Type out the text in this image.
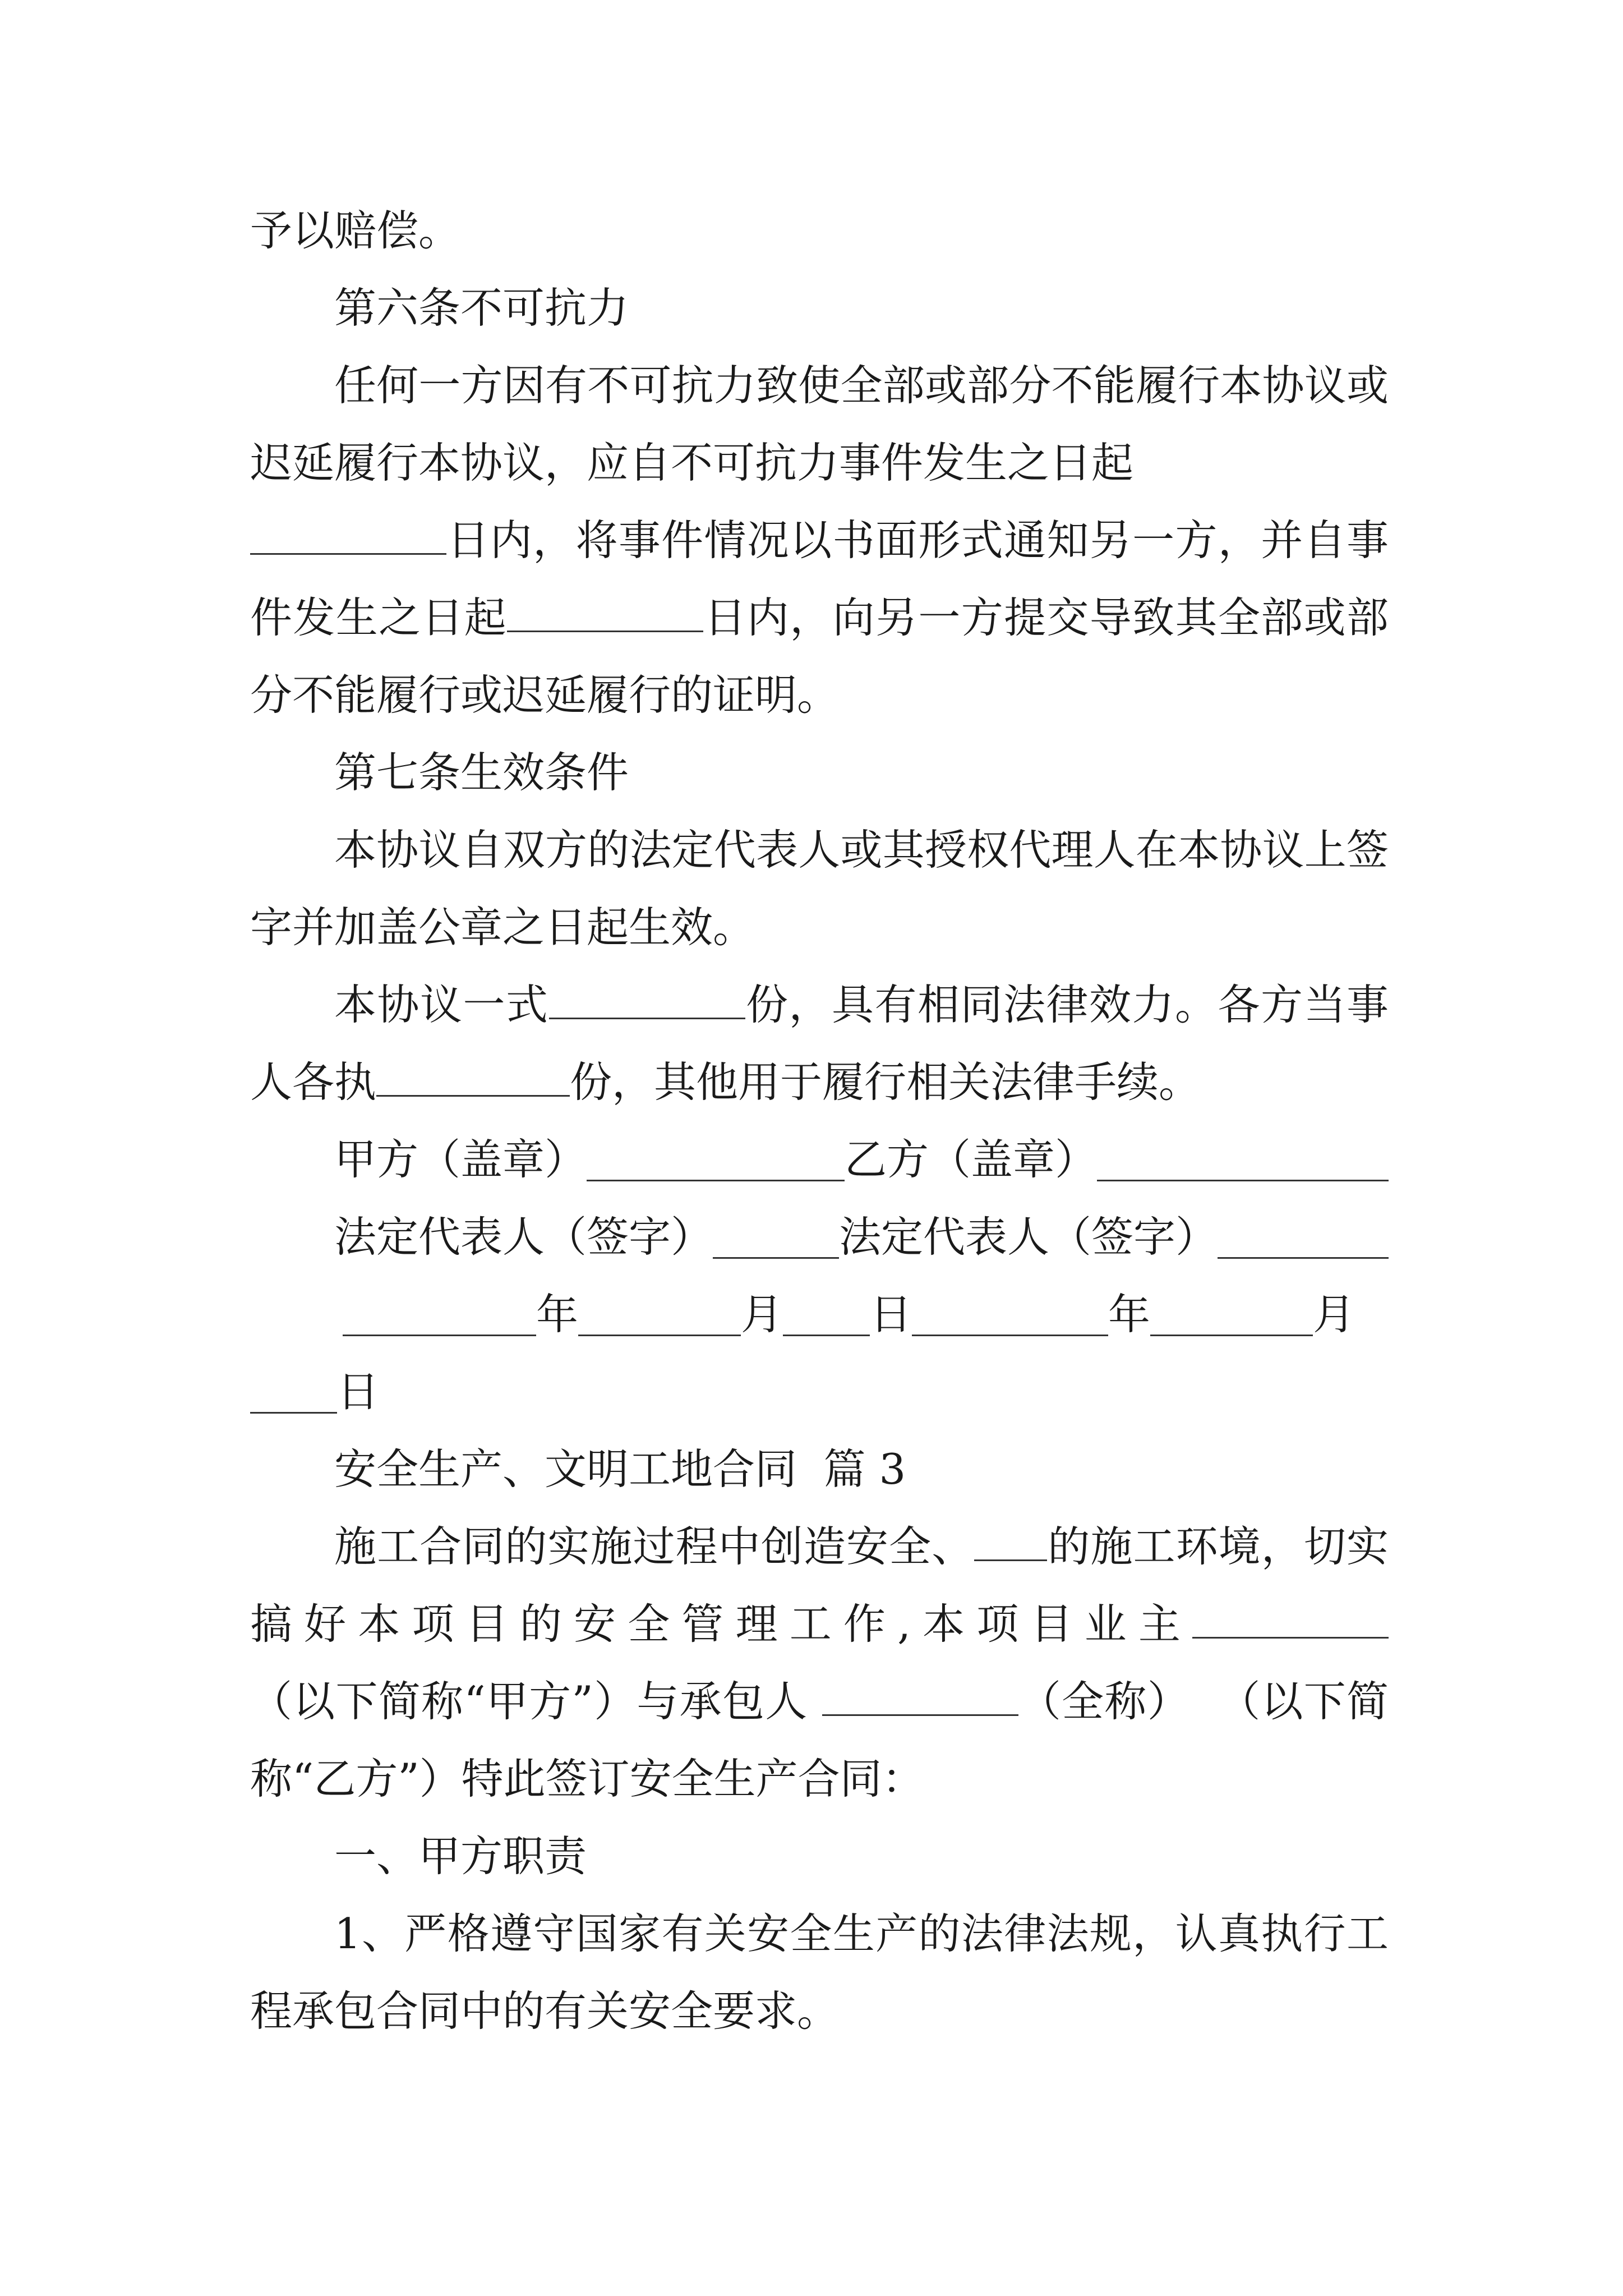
予以赔偿。

第六条不可抗力

任何一方因有不可抗力致使全部或部分不能履行本协议或迟延履行本协议，应自不可抗力事件发生之日起
日内，将事件情况以书面形式通知另一方，并自事件发生之日起	日内，向另一方提交导致其全部或部分不能履行或迟延履行的证明。

第七条生效条件

本协议自双方的法定代表人或其授权代理人在本协议上签字并加盖公章之日起生效。

本协议一式	份，具有相同法律效力。各方当事人各执	份，其他用于履行相关法律手续。

甲方（盖章）	乙方（盖章）
法定代表人（签字）	法定代表人（签字）
年	月 日	年	月
日

安全生产、文明工地合同  篇 3

施工合同的实施过程中创造安全、 的施工环境，切实搞好本项目的安全管理工作,本项目业主（以下简称“甲方”）与承包人	（全称）  （以下简称“乙方”）特此签订安全生产合同：

一、甲方职责

1、严格遵守国家有关安全生产的法律法规，认真执行工程承包合同中的有关安全要求。
